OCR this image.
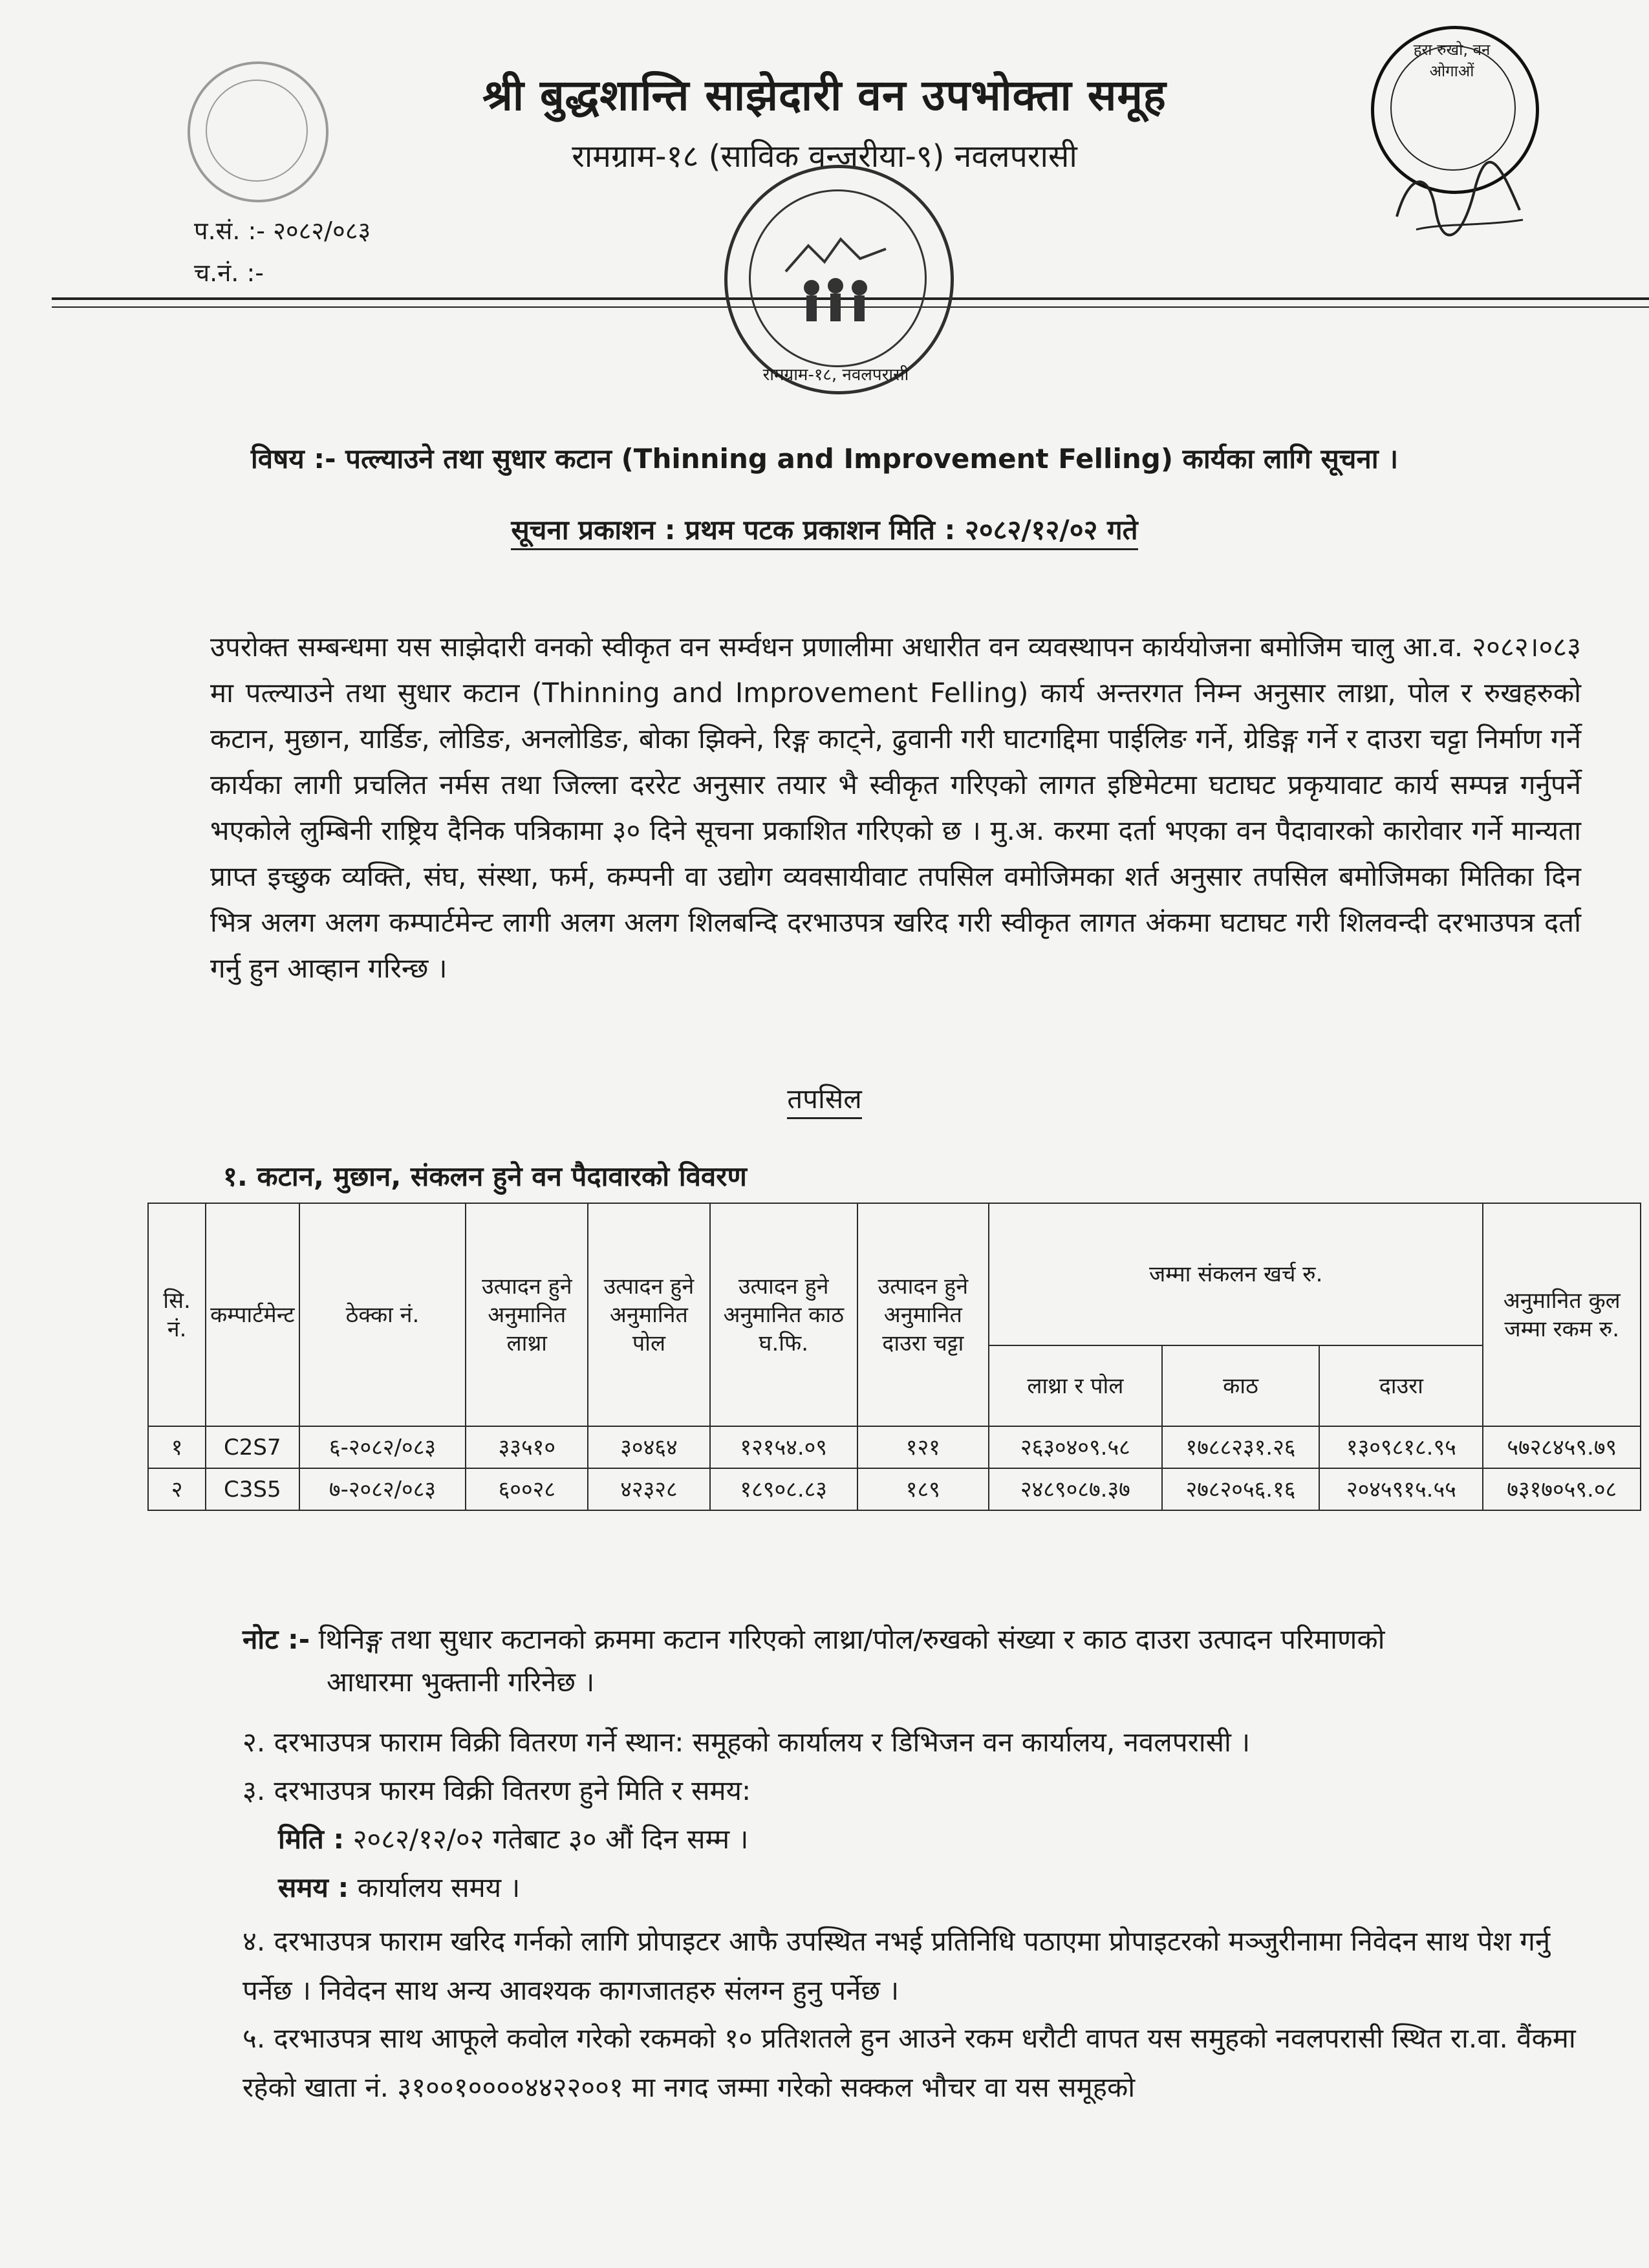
श्री बुद्धशान्ति साझेदारी वन उपभोक्ता समूह
रामग्राम-१८ (साविक वन्जरीया-९) नवलपरासी
हरा रुखो, वन ओगाओं
प.सं. :- २०८२/०८३
च.नं. :-
रामग्राम-१८, नवलपरासी
विषय :- पत्ल्याउने तथा सुधार कटान (Thinning and Improvement Felling) कार्यका लागि सूचना ।
सूचना प्रकाशन : प्रथम पटक प्रकाशन मिति : २०८२/१२/०२ गते
उपरोक्त सम्बन्धमा यस साझेदारी वनको स्वीकृत वन सर्म्वधन प्रणालीमा अधारीत वन व्यवस्थापन कार्ययोजना बमोजिम चालु आ.व. २०८२।०८३ मा पत्ल्याउने तथा सुधार कटान (Thinning and Improvement Felling) कार्य अन्तरगत निम्न अनुसार लाथ्रा, पोल र रुखहरुको कटान, मुछान, यार्डिङ, लोडिङ, अनलोडिङ, बोका झिक्ने, रिङ्ग काट्ने, ढुवानी गरी घाटगद्दिमा पाईलिङ गर्ने, ग्रेडिङ्ग गर्ने र दाउरा चट्टा निर्माण गर्ने कार्यका लागी प्रचलित नर्मस तथा जिल्ला दररेट अनुसार तयार भै स्वीकृत गरिएको लागत इष्टिमेटमा घटाघट प्रकृयावाट कार्य सम्पन्न गर्नुपर्ने भएकोले लुम्बिनी राष्ट्रिय दैनिक पत्रिकामा ३० दिने सूचना प्रकाशित गरिएको छ । मु.अ. करमा दर्ता भएका वन पैदावारको कारोवार गर्ने मान्यता प्राप्त इच्छुक व्यक्ति, संघ, संस्था, फर्म, कम्पनी वा उद्योग व्यवसायीवाट तपसिल वमोजिमका शर्त अनुसार तपसिल बमोजिमका मितिका दिन भित्र अलग अलग कम्पार्टमेन्ट लागी अलग अलग शिलबन्दि दरभाउपत्र खरिद गरी स्वीकृत लागत अंकमा घटाघट गरी शिलवन्दी दरभाउपत्र दर्ता गर्नु हुन आव्हान गरिन्छ ।
तपसिल
१. कटान, मुछान, संकलन हुने वन पैदावारको विवरण
सि. नं.	कम्पार्टमेन्ट	ठेक्का नं.	उत्पादन हुने अनुमानित लाथ्रा	उत्पादन हुने अनुमानित पोल	उत्पादन हुने अनुमानित काठ घ.फि.	उत्पादन हुने अनुमानित दाउरा चट्टा	जम्मा संकलन खर्च रु.			अनुमानित कुल जम्मा रकम रु.
							लाथ्रा र पोल	काठ	दाउरा	
१	C2S7	६-२०८२/०८३	३३५१०	३०४६४	१२१५४.०९	१२१	२६३०४०९.५८	१७८८२३१.२६	१३०९८१८.९५	५७२८४५९.७९
२	C3S5	७-२०८२/०८३	६००२८	४२३२८	१८९०८.८३	१८९	२४८९०८७.३७	२७८२०५६.१६	२०४५९१५.५५	७३१७०५९.०८
नोट :- थिनिङ्ग तथा सुधार कटानको क्रममा कटान गरिएको लाथ्रा/पोल/रुखको संख्या र काठ दाउरा उत्पादन परिमाणको
आधारमा भुक्तानी गरिनेछ ।
२. दरभाउपत्र फाराम विक्री वितरण गर्ने स्थान: समूहको कार्यालय र डिभिजन वन कार्यालय, नवलपरासी ।
३. दरभाउपत्र फारम विक्री वितरण हुने मिति र समय:
मिति : २०८२/१२/०२ गतेबाट ३० औं दिन सम्म ।
समय : कार्यालय समय ।
४. दरभाउपत्र फाराम खरिद गर्नको लागि प्रोपाइटर आफै उपस्थित नभई प्रतिनिधि पठाएमा प्रोपाइटरको मञ्जुरीनामा निवेदन साथ पेश गर्नु पर्नेछ । निवेदन साथ अन्य आवश्यक कागजातहरु संलग्न हुनु पर्नेछ ।
५. दरभाउपत्र साथ आफूले कवोल गरेको रकमको १० प्रतिशतले हुन आउने रकम धरौटी वापत यस समुहको नवलपरासी स्थित रा.वा. वैंकमा रहेको खाता नं. ३१००१००००४४२२००१ मा नगद जम्मा गरेको सक्कल भौचर वा यस समूहको
